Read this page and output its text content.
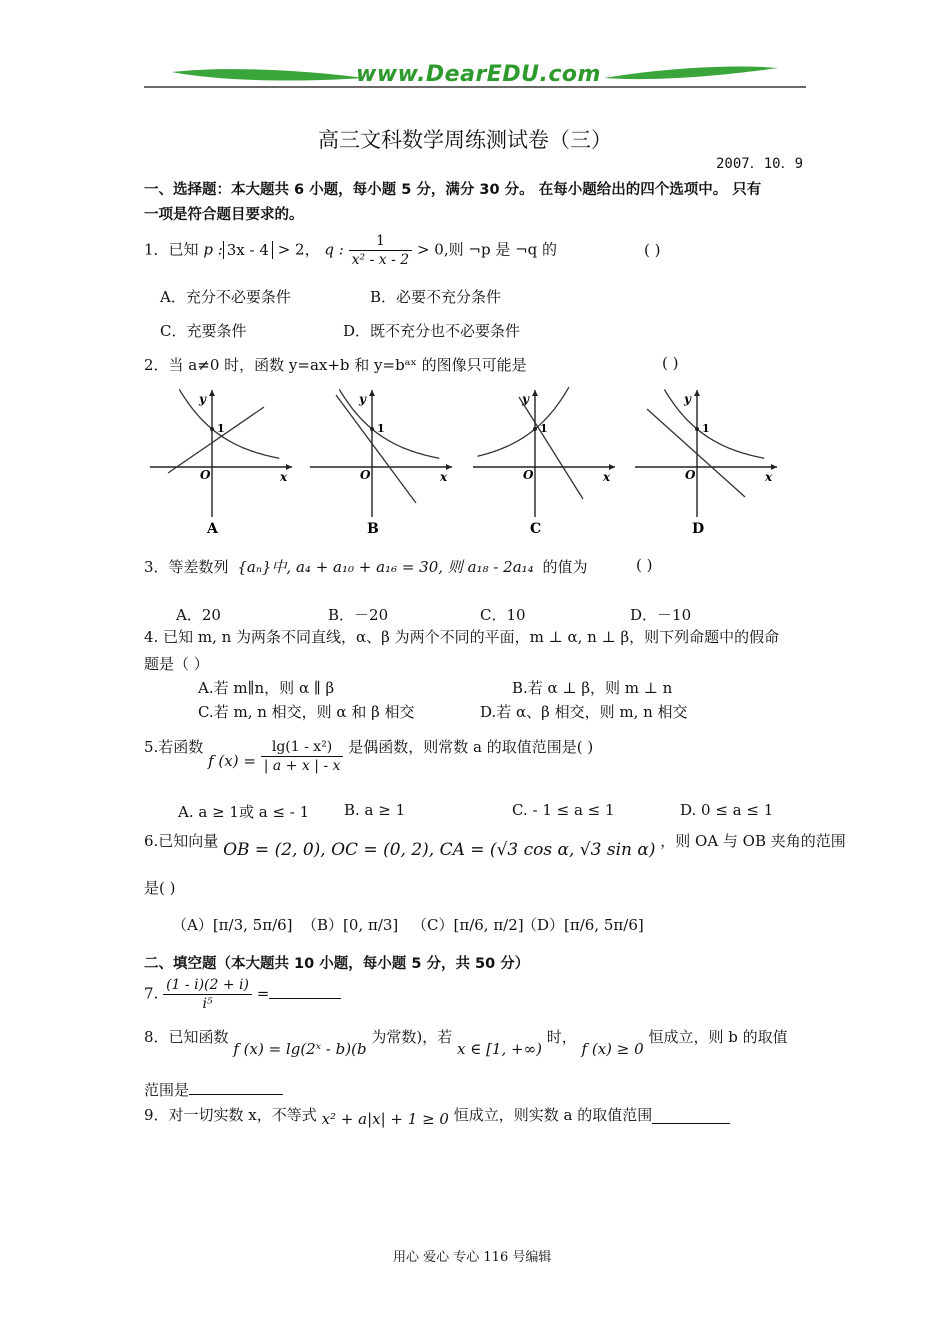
www.DearEDU.com
高三文科数学周练测试卷（三）
2007．10．9
一、选择题：本大题共 6 小题，每小题 5 分，满分 30 分。 在每小题给出的四个选项中。 只有
一项是符合题目要求的。
1．已知 p : 3x - 4 > 2， q : $\frac{1}{\text{x² - x - 2}} > 0$,则 ¬p 是 ¬q 的	( )
A．充分不必要条件	B．必要不充分条件
C．充要条件	D．既不充分也不必要条件
2．当 a≠0 时，函数 y=ax+b 和 y=bᵃˣ 的图像只可能是	( )
y
x
O
1
A
y
x
O
1
B
y
x
O
1
C
y
x
O
1
D
3．等差数列 {aₙ}中, a₄ + a₁₀ + a₁₆ = 30, 则 a₁₈ - 2a₁₄ 的值为	( )
A．20	B．－20	C．10	D．－10
4. 已知 m, n 为两条不同直线，α、β 为两个不同的平面，m ⊥ α, n ⊥ β，则下列命题中的假命
题是（ ）
A.若 m∥n，则 α ∥ β	B.若 α ⊥ β，则 m ⊥ n
C.若 m, n 相交，则 α 和 β 相交	D.若 α、β 相交，则 m, n 相交
5.若函数 f $(x) = \frac{\text{lg(1 - x²)}}{| a + x | - x}$ 是偶函数，则常数 a 的取值范围是( )
A. a ≥ 1或 a ≤ - 1 B. a ≥ 1	C. - 1 ≤ a ≤ 1	D. 0 ≤ a ≤ 1
6.已知向量 OB = (2, 0), OC = (0, 2), CA = (√3 cos α, √3 sin α) ，则 OA 与 OB 夹角的范围
是( )
（A）[π/3, 5π/6] （B）[0, π/3] （C）[π/6, π/2]
（D）[π/6, 5π/6]
二、填空题（本大题共 10 小题，每小题 5 分，共 50 分）
7. $\frac{(1 - i)(2 + i)}{\text{i⁵}}$ =
8．已知函数 f (x) = lg(2ˣ - b)(b 为常数)，若 x ∈ [1, +∞) 时， f (x) ≥ 0 恒成立，则 b 的取值
范围是
9．对一切实数 x，不等式 x² + a|x| + 1 ≥ 0 恒成立，则实数 a 的取值范围
用心 爱心 专心 116 号编辑
